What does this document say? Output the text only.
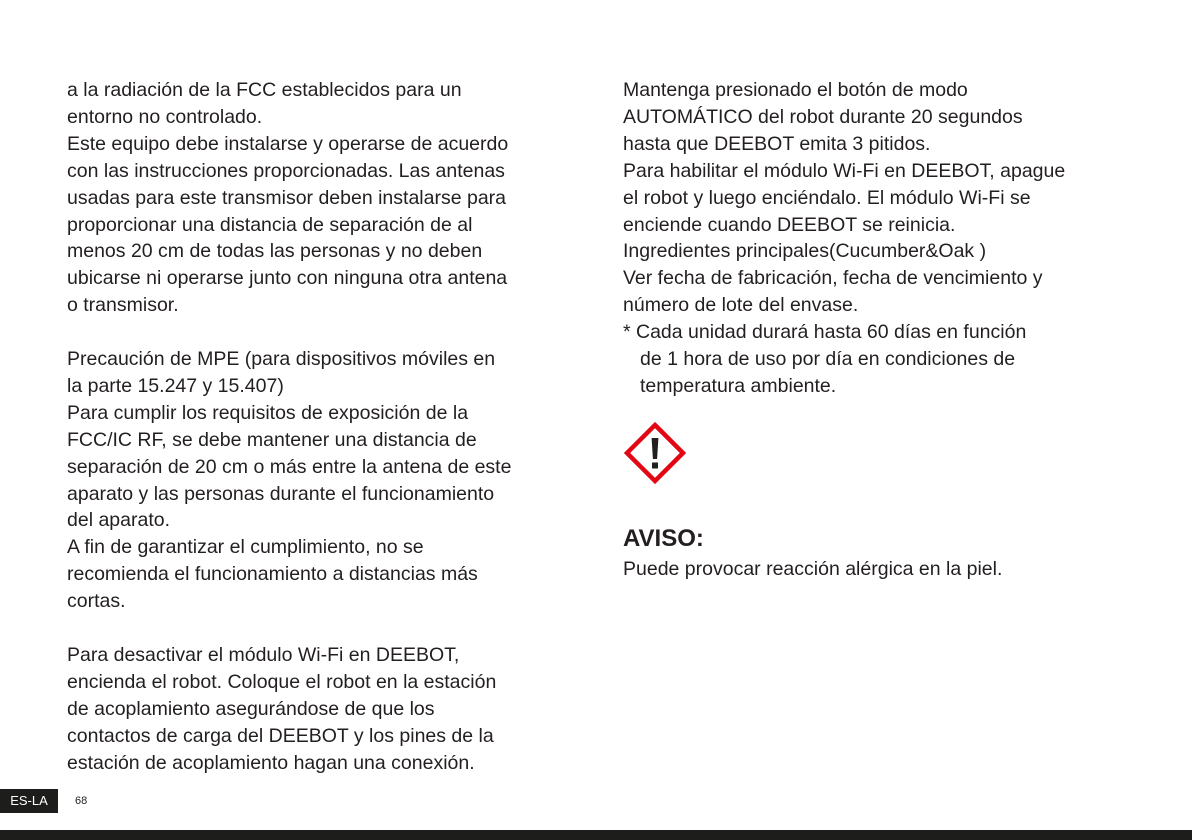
a la radiación de la FCC establecidos para un
entorno no controlado.
Este equipo debe instalarse y operarse de acuerdo
con las instrucciones proporcionadas. Las antenas
usadas para este transmisor deben instalarse para
proporcionar una distancia de separación de al
menos 20 cm de todas las personas y no deben
ubicarse ni operarse junto con ninguna otra antena
o transmisor.
Precaución de MPE (para dispositivos móviles en
la parte 15.247 y 15.407)
Para cumplir los requisitos de exposición de la
FCC/IC RF, se debe mantener una distancia de
separación de 20 cm o más entre la antena de este
aparato y las personas durante el funcionamiento
del aparato.
A fin de garantizar el cumplimiento, no se
recomienda el funcionamiento a distancias más
cortas.
Para desactivar el módulo Wi-Fi en DEEBOT,
encienda el robot. Coloque el robot en la estación
de acoplamiento asegurándose de que los
contactos de carga del DEEBOT y los pines de la
estación de acoplamiento hagan una conexión.
Mantenga presionado el botón de modo
AUTOMÁTICO del robot durante 20 segundos
hasta que DEEBOT emita 3 pitidos.
Para habilitar el módulo Wi-Fi en DEEBOT, apague
el robot y luego enciéndalo. El módulo Wi-Fi se
enciende cuando DEEBOT se reinicia.
Ingredientes principales(Cucumber&Oak )
Ver fecha de fabricación, fecha de vencimiento y
número de lote del envase.
* Cada unidad durará hasta 60 días en función
de 1 hora de uso por día en condiciones de
temperatura ambiente.
AVISO:
Puede provocar reacción alérgica en la piel.
ES-LA	68
